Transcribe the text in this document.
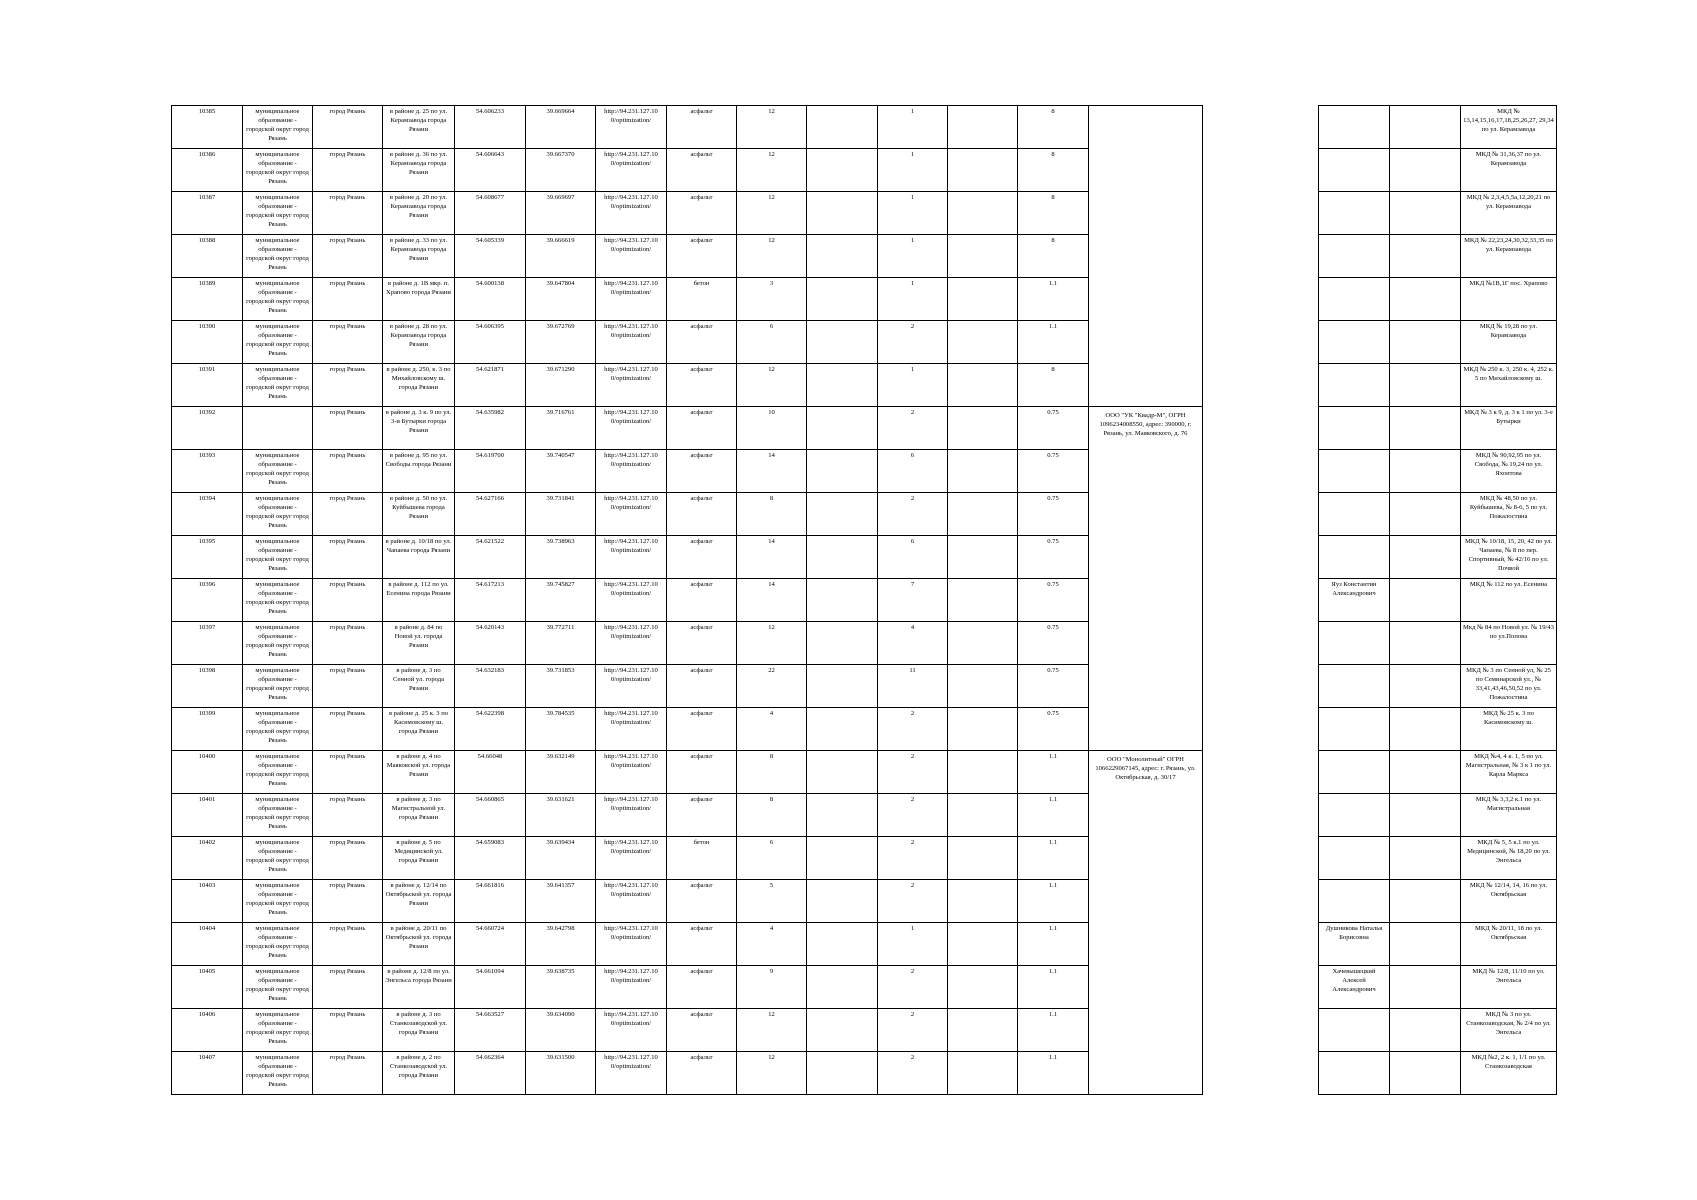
10385	муниципальное образование - городской округ город Рязань	город Рязань	в районе д. 25 по ул. Керамзавода города Рязани	54.606233	39.669664	http://94.231.127.10 0/optimization/	асфальт	12		1		8					МКД № 13,14,15,16,17,18,25,26,27, 29,34 по ул. Керамзавода
10386	муниципальное образование - городской округ город Рязань	город Рязань	в районе д. 36 по ул. Керамзавода города Рязани	54.606643	39.667370	http://94.231.127.10 0/optimization/	асфальт	12		1		8					МКД № 31,36,37 по ул. Керамзавода
10387	муниципальное образование - городской округ город Рязань	город Рязань	в районе д. 20 по ул. Керамзавода города Рязани	54.608677	39.669697	http://94.231.127.10 0/optimization/	асфальт	12		1		8					МКД № 2,3,4,5,5а,12,20,21 по ул. Керамзавода
10388	муниципальное образование - городской округ город Рязань	город Рязань	в районе д. 33 по ул. Керамзавода города Рязани	54.605339	39.666619	http://94.231.127.10 0/optimization/	асфальт	12		1		8					МКД № 22,23,24,30,32,33,35 по ул. Керамзавода
10389	муниципальное образование - городской округ город Рязань	город Рязань	в районе д. 1В мкр. п. Храпово города Рязани	54.600138	39.647804	http://94.231.127.10 0/optimization/	бетон	3		1		1.1					МКД №1В,1Г пос. Храпово
10390	муниципальное образование - городской округ город Рязань	город Рязань	в районе д. 28 по ул. Керамзавода города Рязани	54.606395	39.672769	http://94.231.127.10 0/optimization/	асфальт	6		2		1.1					МКД № 19,28 по ул. Керамзавода
10391	муниципальное образование - городской округ город Рязань	город Рязань	в районе д. 250, к. 3 по Михайловскому ш. города Рязани	54.621871	39.671290	http://94.231.127.10 0/optimization/	асфальт	12		1		8					МКД № 250 к. 3, 250 к. 4, 252 к. 5 по Михайловскому ш.
10392		город Рязань	в районе д. 3 к. 9 по ул. 3-и Бутырки города Рязани	54.635982	39.716761	http://94.231.127.10 0/optimization/	асфальт	10		2		0.75	ООО "УК "Квадр-М", ОГРН 1096234008550, адрес: 390000, г. Рязань, ул. Маяковского, д. 76				МКД № 3 к 9, д. 3 к 1 по ул. 3-е Бутырки
10393	муниципальное образование - городской округ город Рязань	город Рязань	в районе д. 95 по ул. Свободы города Рязани	54.619700	39.740547	http://94.231.127.10 0/optimization/	асфальт	14		6		0.75					МКД № 90,92,95 по ул. Свобода, № 19,24 по ул. Яхонтова
10394	муниципальное образование - городской округ город Рязань	город Рязань	в районе д. 50 по ул. Куйбышева города Рязани	54.627166	39.731841	http://94.231.127.10 0/optimization/	асфальт	8		2		0.75					МКД № 48,50 по ул. Куйбышева, № 8-6, 5 по ул. Пожалостина
10395	муниципальное образование - городской округ город Рязань	город Рязань	в районе д. 10/18 по ул. Чапаева города Рязани	54.621522	39.738963	http://94.231.127.10 0/optimization/	асфальт	14		6		0.75					МКД № 10/18, 15, 20, 42 по ул. Чапаева, № 8 по пер. Спортивный, № 42/16 по ул. Почвой
10396	муниципальное образование - городской округ город Рязань	город Рязань	в районе д. 112 по ул. Есенина города Рязани	54.617213	39.745827	http://94.231.127.10 0/optimization/	асфальт	14		7		0.75			Яуз Константин Александрович		МКД № 112 по ул. Есенина
10397	муниципальное образование - городской округ город Рязань	город Рязань	в районе д. 84 по Новой ул. города Рязани	54.620143	39.772711	http://94.231.127.10 0/optimization/	асфальт	12		4		0.75					Мкд № 84 по Новой ул. № 19/43 по ул.Попова
10398	муниципальное образование - городской округ город Рязань	город Рязань	в районе д. 3 по Сенной ул. города Рязани	54.632183	39.731853	http://94.231.127.10 0/optimization/	асфальт	22		11		0.75					МКД № 3 по Сенной ул, № 25 по Семинарской ул., № 33,41,43,46,50,52 по ул. Пожалостина
10399	муниципальное образование - городской округ город Рязань	город Рязань	в районе д. 25 к. 3 по Касимовскому ш. города Рязани	54.622398	39.784535	http://94.231.127.10 0/optimization/	асфальт	4		2		0.75					МКД № 25 к. 3 по Касимовскому ш.
10400	муниципальное образование - городской округ город Рязань	город Рязань	в районе д. 4 по Маяковской ул. города Рязани	54.66048	39.632149	http://94.231.127.10 0/optimization/	асфальт	8		2		1.1	ООО "Монолитный" ОГРН 1066229067145, адрес: г. Рязань, ул. Октябрьская, д. 30/17				МКД №4, 4 к. 1, 5 по ул. Магистральная, № 3 к 1 по ул. Карла Маркса
10401	муниципальное образование - городской округ город Рязань	город Рязань	в районе д. 3 по Магистральной ул. города Рязани	54.660865	39.631621	http://94.231.127.10 0/optimization/	асфальт	8		2		1.1					МКД № 3,3,2 к.1 по ул. Магистральная
10402	муниципальное образование - городской округ город Рязань	город Рязань	в районе д. 5 по Медицинской ул. города Рязани	54.659083	39.639434	http://94.231.127.10 0/optimization/	бетон	6		2		1.1					МКД № 5, 5 к.1 по ул. Медицинской, № 18,20 по ул. Энгельса
10403	муниципальное образование - городской округ город Рязань	город Рязань	в районе д. 12/14 по Октябрьской ул. города Рязани	54.661816	39.641357	http://94.231.127.10 0/optimization/	асфальт	5		2		1.1					МКД № 12/14, 14, 16 по ул. Октябрьская
10404	муниципальное образование - городской округ город Рязань	город Рязань	в районе д. 20/11 по Октябрьской ул. города Рязани	54.660724	39.642798	http://94.231.127.10 0/optimization/	асфальт	4		1		1.1			Душникова Наталья Борисовна		МКД № 20/11, 18 по ул. Октябрьская
10405	муниципальное образование - городской округ город Рязань	город Рязань	в районе д. 12/8 по ул. Энгельса города Рязани	54.661094	39.638735	http://94.231.127.10 0/optimization/	асфальт	9		2		1.1			Хачевышецкий Алексей Александрович		МКД № 12/8, 11/10 по ул. Энгельса
10406	муниципальное образование - городской округ город Рязань	город Рязань	в районе д. 3 по Станкозаводской ул. города Рязани	54.663527	39.634090	http://94.231.127.10 0/optimization/	асфальт	12		2		1.1					МКД № 3 по ул. Станкозаводская, № 2/4 по ул. Энгельса
10407	муниципальное образование - городской округ город Рязань	город Рязань	в районе д. 2 по Станкозаводской ул. города Рязани	54.662364	39.631500	http://94.231.127.10 0/optimization/	асфальт	12		2		1.1					МКД №2, 2 к. 1, 1/1 по ул. Станкозаводская
